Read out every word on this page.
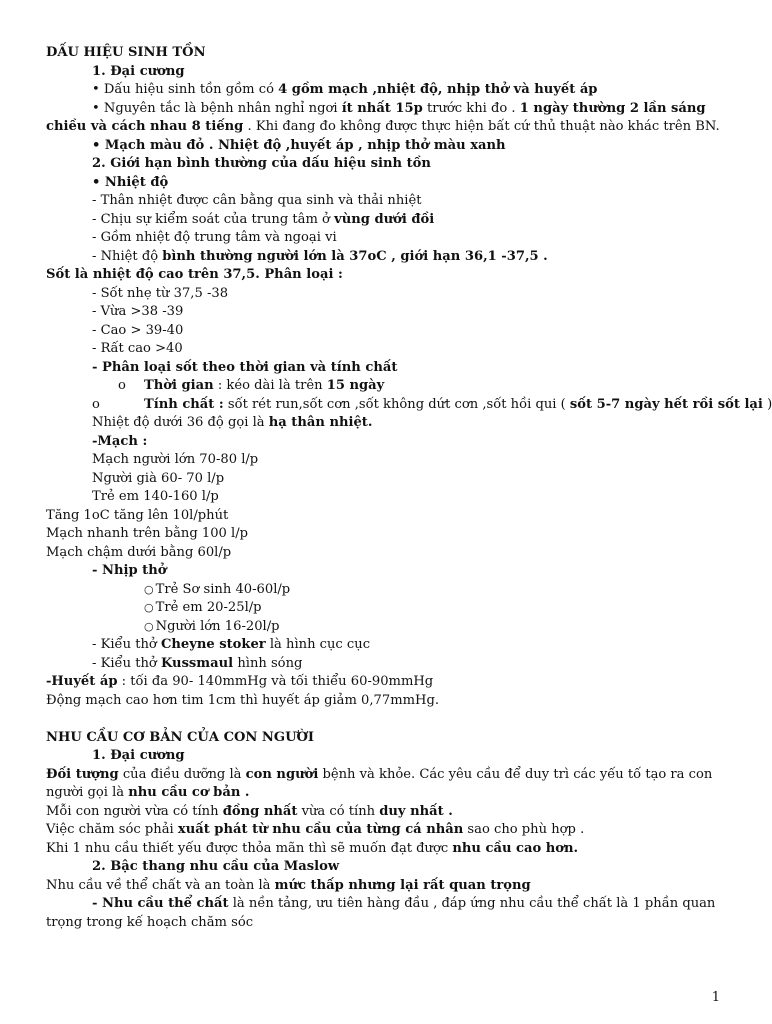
DẤU HIỆU SINH TỒN
1. Đại cương
• Dấu hiệu sinh tồn gồm có 4 gồm mạch ,nhiệt độ, nhịp thở và huyết áp
• Nguyên tắc là bệnh nhân nghỉ ngơi ít nhất 15p trước khi đo . 1 ngày thường 2 lần sáng chiều và cách nhau 8 tiếng . Khi đang đo không được thực hiện bất cứ thủ thuật nào khác trên BN.
• Mạch màu đỏ . Nhiệt độ ,huyết áp , nhịp thở màu xanh
2. Giới hạn bình thường của dấu hiệu sinh tồn
• Nhiệt độ
- Thân nhiệt được cân bằng qua sinh và thải nhiệt
- Chịu sự kiểm soát của trung tâm ở vùng dưới đồi
- Gồm nhiệt độ trung tâm và ngoại vi
- Nhiệt độ bình thường người lớn là 37oC , giới hạn 36,1 -37,5 .
Sốt là nhiệt độ cao trên 37,5. Phân loại :
- Sốt nhẹ từ 37,5 -38
- Vừa >38 -39
- Cao > 39-40
- Rất cao >40
- Phân loại sốt theo thời gian và tính chất
o Thời gian : kéo dài là trên 15 ngày
o	Tính chất : sốt rét run,sốt cơn ,sốt không dứt cơn ,sốt hồi qui ( sốt 5-7 ngày hết rồi sốt lại )
Nhiệt độ dưới 36 độ gọi là hạ thân nhiệt.
-Mạch :
Mạch người lớn 70-80 l/p
Người già 60- 70 l/p
Trẻ em 140-160 l/p
Tăng 1oC tăng lên 10l/phút
Mạch nhanh trên bằng 100 l/p
Mạch chậm dưới bằng 60l/p
- Nhịp thở
○ Trẻ Sơ sinh 40-60l/p
○ Trẻ em 20-25l/p
○ Người lớn 16-20l/p
- Kiểu thở Cheyne stoker là hình cục cục
- Kiểu thở Kussmaul hình sóng
-Huyết áp : tối đa 90- 140mmHg và tối thiểu 60-90mmHg
Động mạch cao hơn tim 1cm thì huyết áp giảm 0,77mmHg.
NHU CẦU CƠ BẢN CỦA CON NGƯỜI
1. Đại cương
Đối tượng của điều dưỡng là con người bệnh và khỏe. Các yêu cầu để duy trì các yếu tố tạo ra con người gọi là nhu cầu cơ bản .
Mỗi con người vừa có tính đồng nhất vừa có tính duy nhất .
Việc chăm sóc phải xuất phát từ nhu cầu của từng cá nhân sao cho phù hợp .
Khi 1 nhu cầu thiết yếu được thỏa mãn thì sẽ muốn đạt được nhu cầu cao hơn.
2. Bậc thang nhu cầu của Maslow
Nhu cầu về thể chất và an toàn là mức thấp nhưng lại rất quan trọng
- Nhu cầu thể chất là nền tảng, ưu tiên hàng đầu , đáp ứng nhu cầu thể chất là 1 phần quan trọng trong kế hoạch chăm sóc
1
